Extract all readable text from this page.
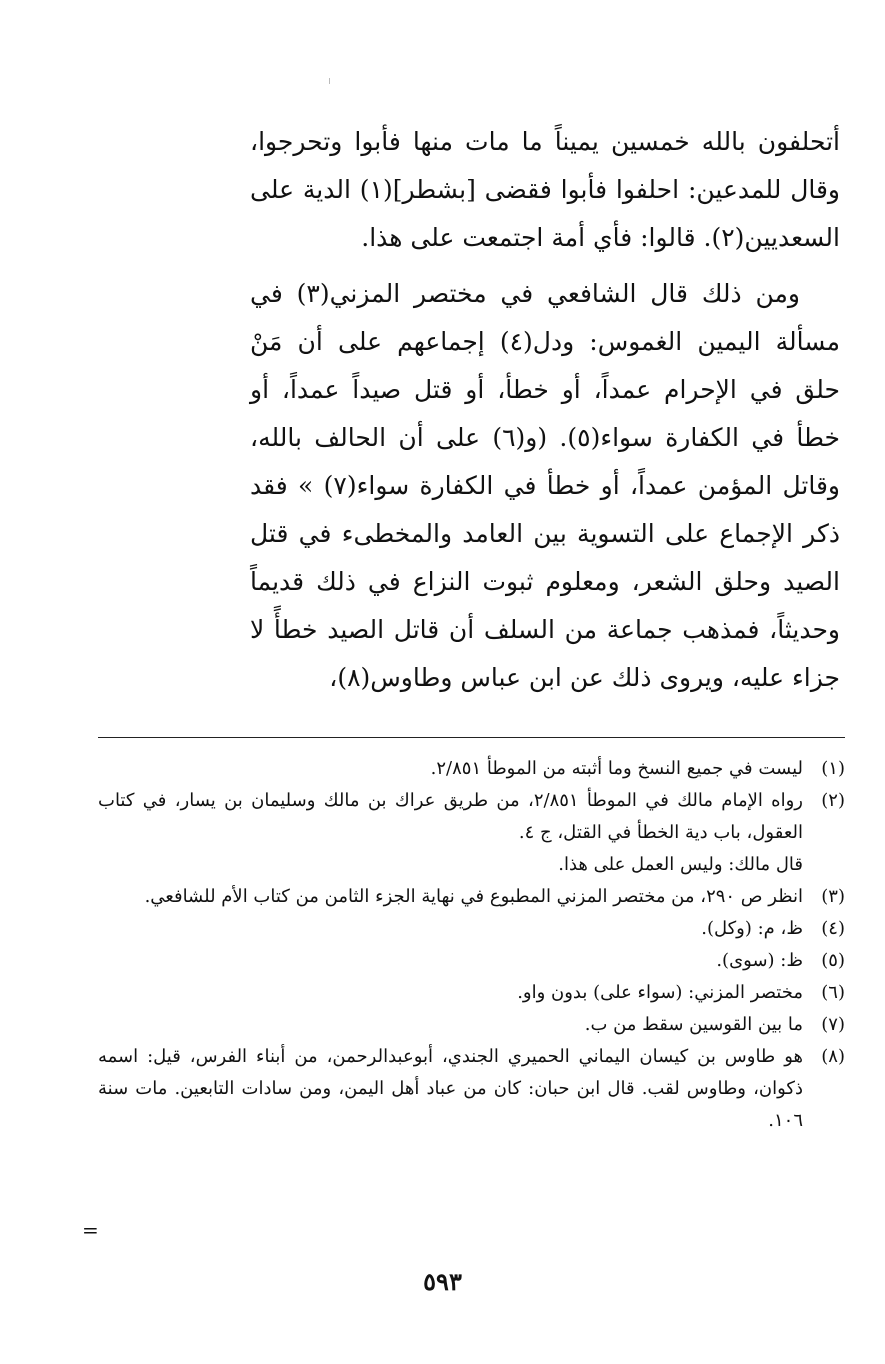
أتحلفون بالله خمسين يميناً ما مات منها فأبوا وتحرجوا، وقال للمدعين: احلفوا فأبوا فقضى [بشطر](١) الدية على السعديين(٢). قالوا: فأي أمة اجتمعت على هذا.

ومن ذلك قال الشافعي في مختصر المزني(٣) في مسألة اليمين الغموس: ودل(٤) إجماعهم على أن مَنْ حلق في الإحرام عمداً، أو خطأ، أو قتل صيداً عمداً، أو خطأ في الكفارة سواء(٥). (و(٦) على أن الحالف بالله، وقاتل المؤمن عمداً، أو خطأ في الكفارة سواء(٧) » فقد ذكر الإجماع على التسوية بين العامد والمخطىء في قتل الصيد وحلق الشعر، ومعلوم ثبوت النزاع في ذلك قديماً وحديثاً، فمذهب جماعة من السلف أن قاتل الصيد خطأً لا جزاء عليه، ويروى ذلك عن ابن عباس وطاوس(٨)،

(١)
ليست في جميع النسخ وما أثبته من الموطأ ٢/٨٥١.
(٢)
رواه الإمام مالك في الموطأ ٢/٨٥١، من طريق عراك بن مالك وسليمان بن يسار، في كتاب العقول، باب دية الخطأ في القتل، ج ٤.
قال مالك: وليس العمل على هذا.
(٣)
انظر ص ٢٩٠، من مختصر المزني المطبوع في نهاية الجزء الثامن من كتاب الأم للشافعي.
(٤)
ظ، م: (وكل).
(٥)
ظ: (سوى).
(٦)
مختصر المزني: (سواء على) بدون واو.
(٧)
ما بين القوسين سقط من ب.
(٨)
هو طاوس بن كيسان اليماني الحميري الجندي، أبوعبدالرحمن، من أبناء الفرس، قيل: اسمه ذكوان، وطاوس لقب. قال ابن حبان: كان من عباد أهل اليمن، ومن سادات التابعين. مات سنة ١٠٦.
=
٥٩٣
